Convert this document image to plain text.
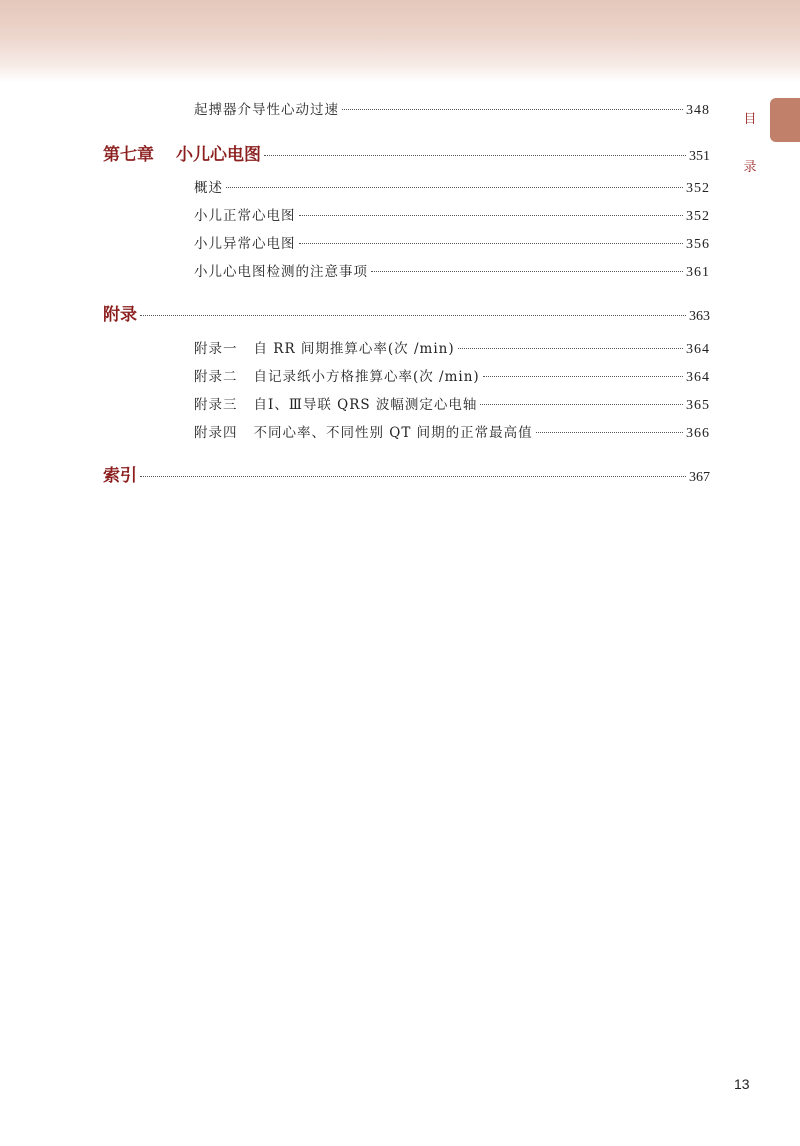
目
录
起搏器介导性心动过速	348
第七章 小儿心电图	351
概述	352
小儿正常心电图	352
小儿异常心电图	356
小儿心电图检测的注意事项	361
附录	363
附录一 自 RR 间期推算心率(次 /min)	364
附录二 自记录纸小方格推算心率(次 /min)	364
附录三 自Ⅰ、Ⅲ导联 QRS 波幅测定心电轴	365
附录四 不同心率、不同性别 QT 间期的正常最高值	366
索引	367
13
